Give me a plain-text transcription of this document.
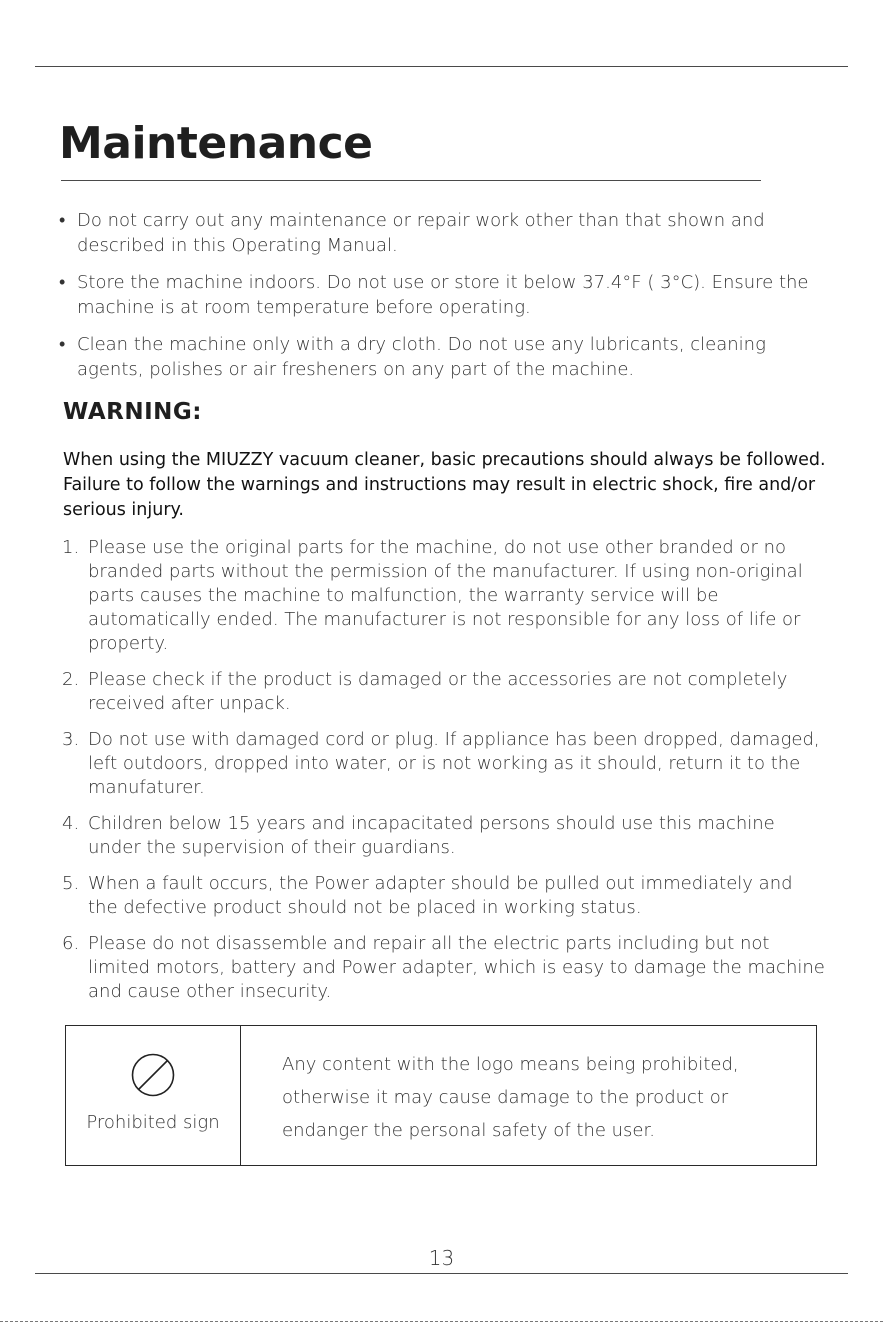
Maintenance
• Do not carry out any maintenance or repair work other than that shown and described in this Operating Manual.
• Store the machine indoors. Do not use or store it below 37.4°F ( 3°C). Ensure the machine is at room temperature before operating.
• Clean the machine only with a dry cloth. Do not use any lubricants, cleaning agents, polishes or air fresheners on any part of the machine.
WARNING:

When using the MIUZZY vacuum cleaner, basic precautions should always be followed. Failure to follow the warnings and instructions may result in electric shock, fire and/or serious injury.

1. Please use the original parts for the machine, do not use other branded or no branded parts without the permission of the manufacturer. If using non-original parts causes the machine to malfunction, the warranty service will be automatically ended. The manufacturer is not responsible for any loss of life or property.
2. Please check if the product is damaged or the accessories are not completely received after unpack.
3. Do not use with damaged cord or plug. If appliance has been dropped, damaged, left outdoors, dropped into water, or is not working as it should, return it to the manufaturer.
4. Children below 15 years and incapacitated persons should use this machine under the supervision of their guardians.
5. When a fault occurs, the Power adapter should be pulled out immediately and the defective product should not be placed in working status.
6. Please do not disassemble and repair all the electric parts including but not limited motors, battery and Power adapter, which is easy to damage the machine and cause other insecurity.
Prohibited sign
Any content with the logo means being prohibited, otherwise it may cause damage to the product or endanger the personal safety of the user.
13
